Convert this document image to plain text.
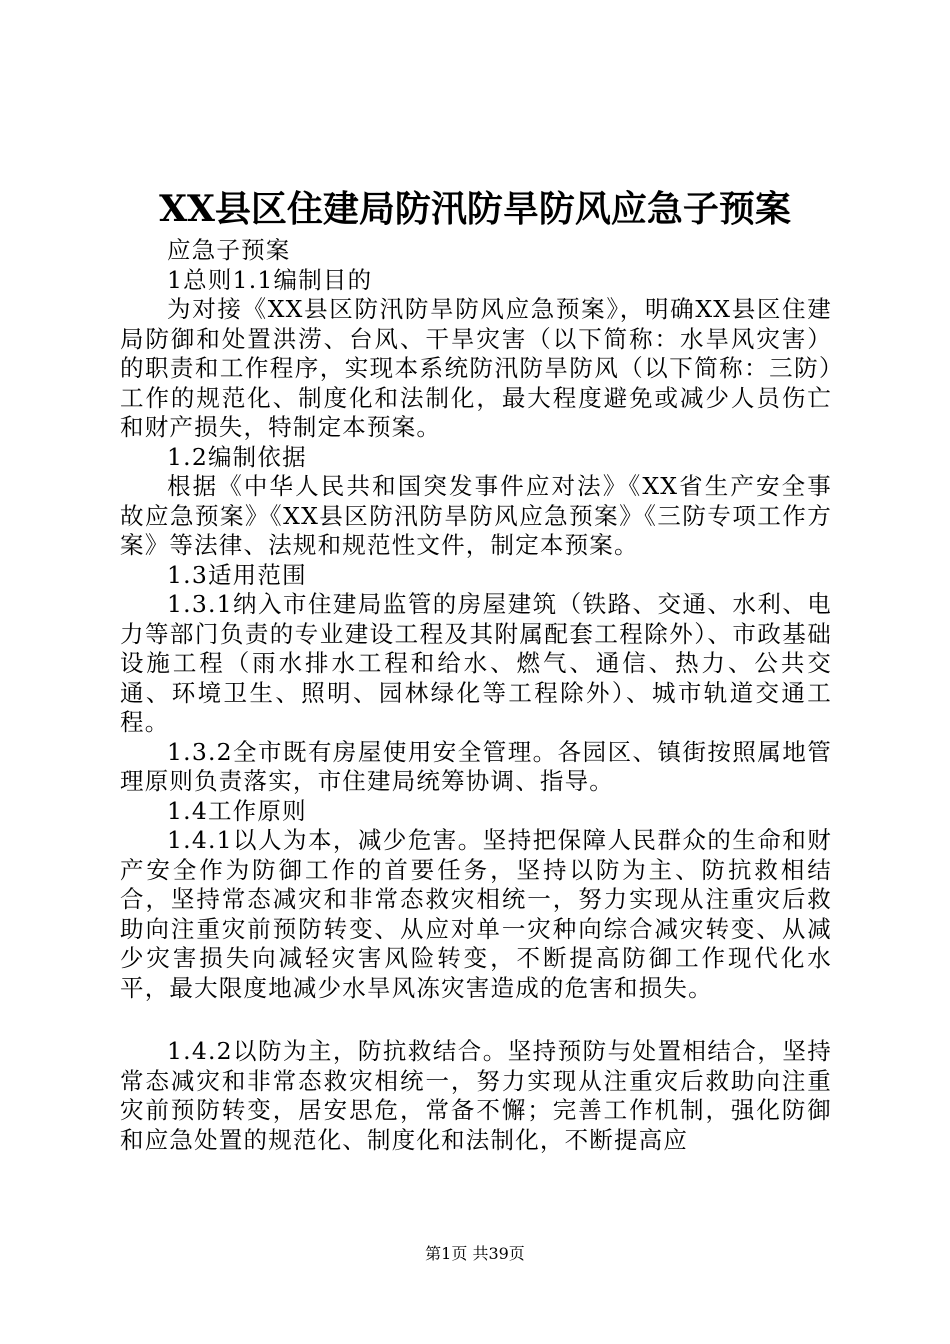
XX县区住建局防汛防旱防风应急子预案

应急子预案

1总则1.1编制目的

为对接《XX县区防汛防旱防风应急预案》，明确XX县区住建局防御和处置洪涝、台风、干旱灾害（以下简称：水旱风灾害）的职责和工作程序，实现本系统防汛防旱防风（以下简称：三防）工作的规范化、制度化和法制化，最大程度避免或减少人员伤亡和财产损失，特制定本预案。

1.2编制依据

根据《中华人民共和国突发事件应对法》《XX省生产安全事故应急预案》《XX县区防汛防旱防风应急预案》《三防专项工作方案》等法律、法规和规范性文件，制定本预案。

1.3适用范围

1.3.1纳入市住建局监管的房屋建筑（铁路、交通、水利、电力等部门负责的专业建设工程及其附属配套工程除外）、市政基础设施工程（雨水排水工程和给水、燃气、通信、热力、公共交通、环境卫生、照明、园林绿化等工程除外）、城市轨道交通工程。

1.3.2全市既有房屋使用安全管理。各园区、镇街按照属地管理原则负责落实，市住建局统筹协调、指导。

1.4工作原则

1.4.1以人为本，减少危害。坚持把保障人民群众的生命和财产安全作为防御工作的首要任务，坚持以防为主、防抗救相结合，坚持常态减灾和非常态救灾相统一，努力实现从注重灾后救助向注重灾前预防转变、从应对单一灾种向综合减灾转变、从减少灾害损失向减轻灾害风险转变，不断提高防御工作现代化水平，最大限度地减少水旱风冻灾害造成的危害和损失。

1.4.2以防为主，防抗救结合。坚持预防与处置相结合，坚持常态减灾和非常态救灾相统一，努力实现从注重灾后救助向注重灾前预防转变，居安思危，常备不懈；完善工作机制，强化防御和应急处置的规范化、制度化和法制化，不断提高应

第1页 共39页
